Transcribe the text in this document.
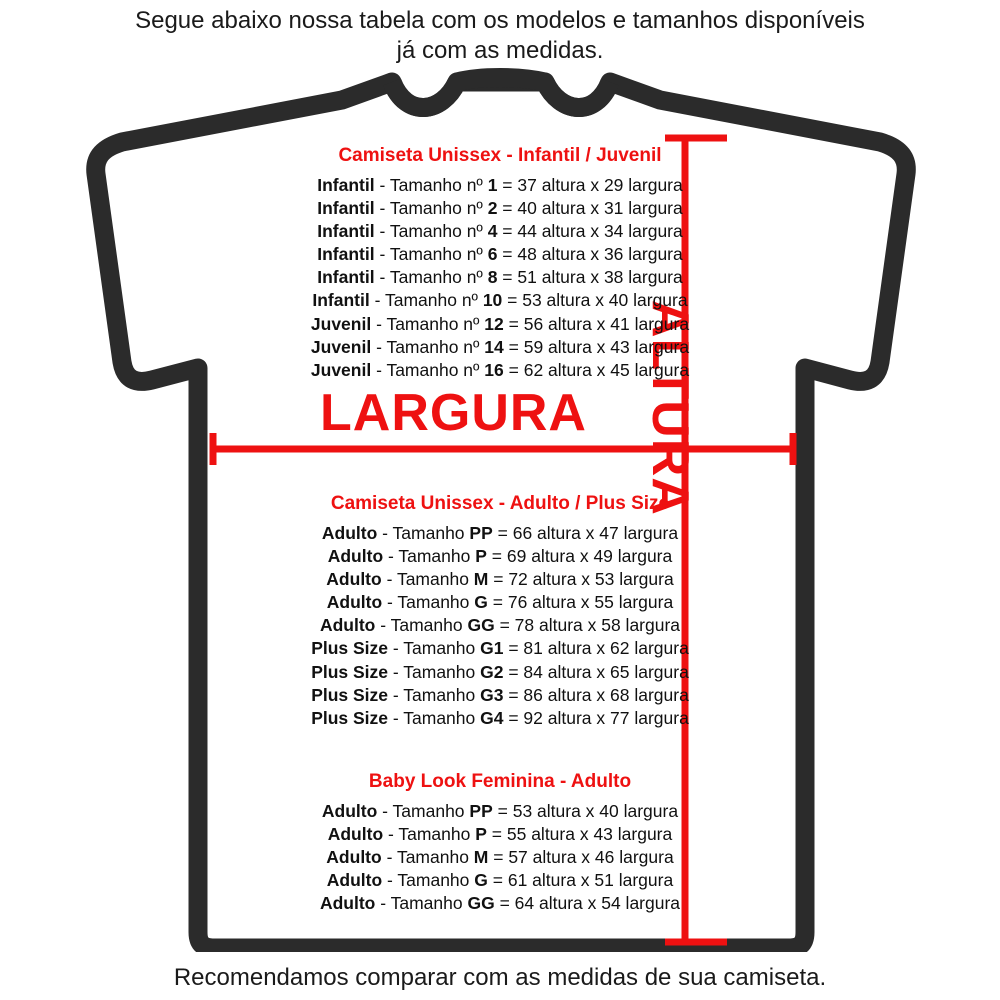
Segue abaixo nossa tabela com os modelos e tamanhos disponíveis
já com as medidas.
LARGURA ALTURA
Camiseta Unissex - Infantil / Juvenil
Infantil - Tamanho nº 1 = 37 altura x 29 largura
Infantil - Tamanho nº 2 = 40 altura x 31 largura
Infantil - Tamanho nº 4 = 44 altura x 34 largura
Infantil - Tamanho nº 6 = 48 altura x 36 largura
Infantil - Tamanho nº 8 = 51 altura x 38 largura
Infantil - Tamanho nº 10 = 53 altura x 40 largura
Juvenil - Tamanho nº 12 = 56 altura x 41 largura
Juvenil - Tamanho nº 14 = 59 altura x 43 largura
Juvenil - Tamanho nº 16 = 62 altura x 45 largura
Camiseta Unissex - Adulto / Plus Size
Adulto - Tamanho PP = 66 altura x 47 largura
Adulto - Tamanho P = 69 altura x 49 largura
Adulto - Tamanho M = 72 altura x 53 largura
Adulto - Tamanho G = 76 altura x 55 largura
Adulto - Tamanho GG = 78 altura x 58 largura
Plus Size - Tamanho G1 = 81 altura x 62 largura
Plus Size - Tamanho G2 = 84 altura x 65 largura
Plus Size - Tamanho G3 = 86 altura x 68 largura
Plus Size - Tamanho G4 = 92 altura x 77 largura
Baby Look Feminina - Adulto
Adulto - Tamanho PP = 53 altura x 40 largura
Adulto - Tamanho P = 55 altura x 43 largura
Adulto - Tamanho M = 57 altura x 46 largura
Adulto - Tamanho G = 61 altura x 51 largura
Adulto - Tamanho GG = 64 altura x 54 largura
Recomendamos comparar com as medidas de sua camiseta.
